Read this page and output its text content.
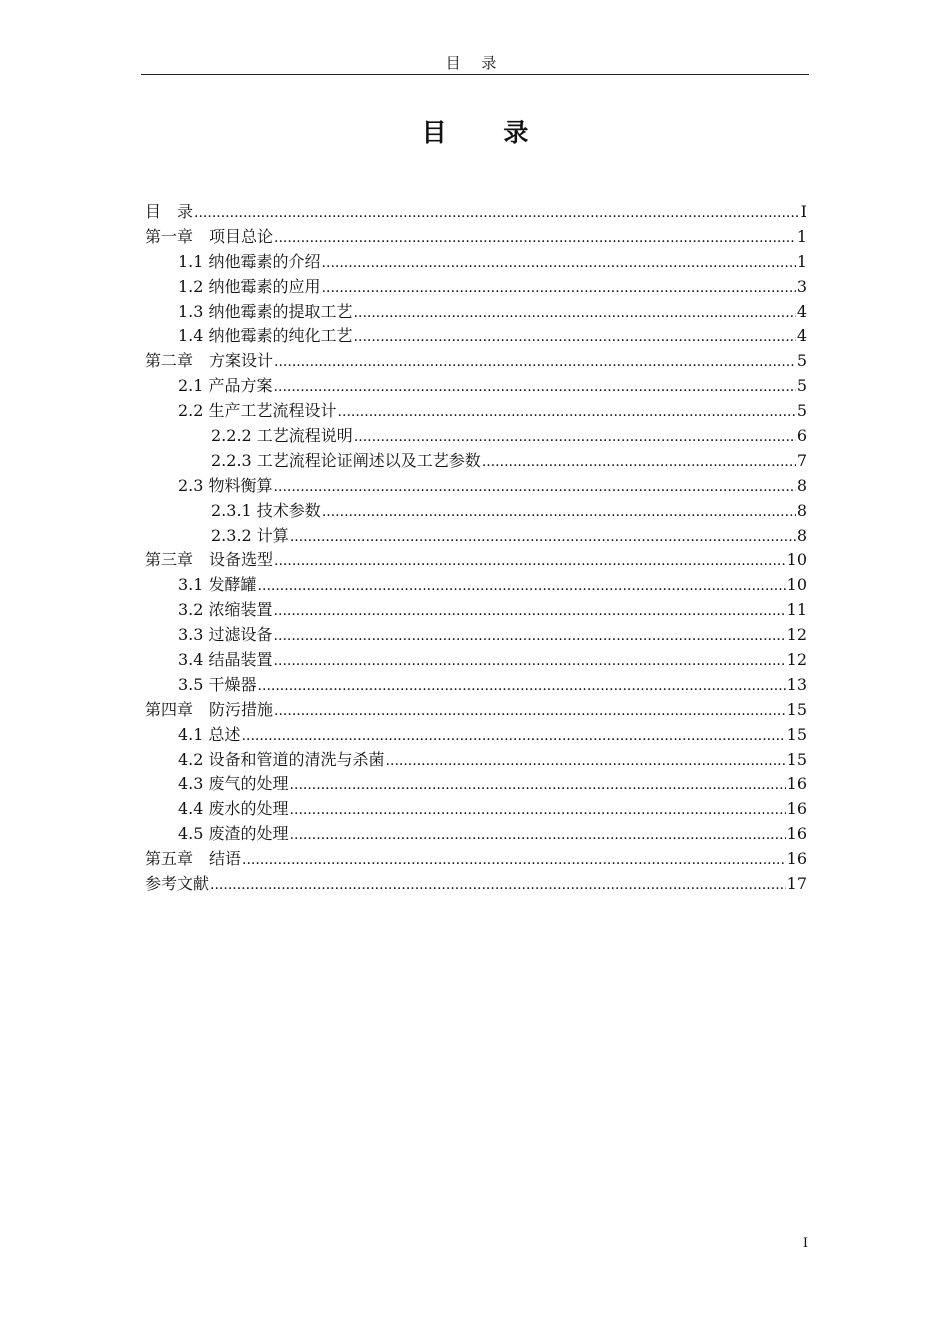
目 录
目 录
目　录 .....	I
第一章　项目总论 .....	1
1.1 纳他霉素的介绍 .....	1
1.2 纳他霉素的应用 .....	3
1.3 纳他霉素的提取工艺 .....	4
1.4 纳他霉素的纯化工艺 .....	4
第二章　方案设计 .....	5
2.1 产品方案 .....	5
2.2 生产工艺流程设计 .....	5
2.2.2 工艺流程说明 .....	6
2.2.3 工艺流程论证阐述以及工艺参数 .....	7
2.3 物料衡算 .....	8
2.3.1 技术参数 .....	8
2.3.2 计算 .....	8
第三章　设备选型 .....	10
3.1 发酵罐 .....	10
3.2 浓缩装置 .....	11
3.3 过滤设备 .....	12
3.4 结晶装置 .....	12
3.5 干燥器 .....	13
第四章　防污措施 .....	15
4.1 总述 .....	15
4.2 设备和管道的清洗与杀菌 .....	15
4.3 废气的处理 .....	16
4.4 废水的处理 .....	16
4.5 废渣的处理 .....	16
第五章　结语 .....	16
参考文献 .....	17
I
